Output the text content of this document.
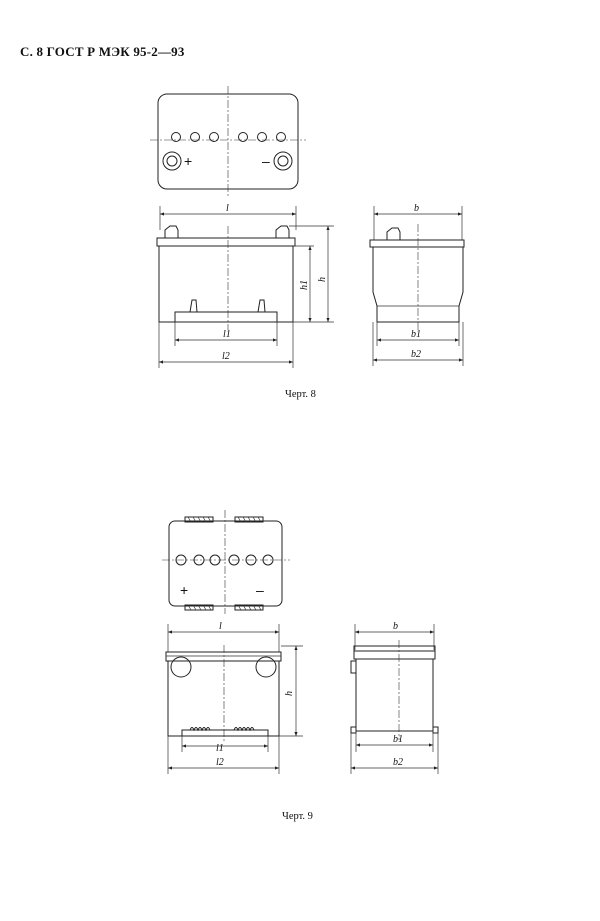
С. 8 ГОСТ Р МЭК 95-2—93
+	–
l
l1
l2
h1
h
b
b1
b2
+	–
l
l1
l2
h
b
b1
b2
Черт. 8
Черт. 9
